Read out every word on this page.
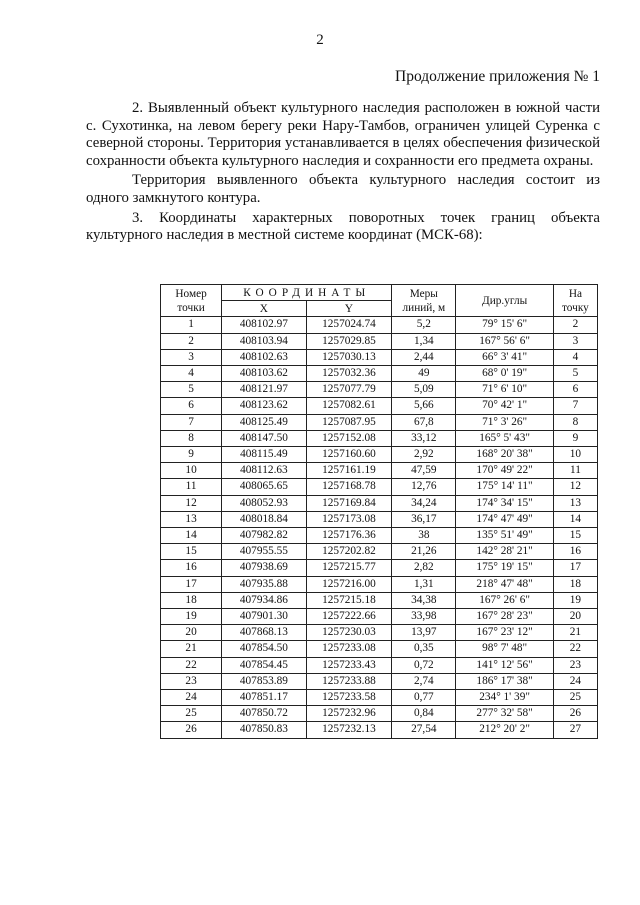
2
Продолжение приложения № 1

2. Выявленный объект культурного наследия расположен в южной части с. Сухотинка, на левом берегу реки Нару-Тамбов, ограничен улицей Суренка с северной стороны. Территория устанавливается в целях обеспечения физической сохранности объекта культурного наследия и сохранности его предмета охраны.

Территория выявленного объекта культурного наследия состоит из одного замкнутого контура.

3. Координаты характерных поворотных точек границ объекта культурного наследия в местной системе координат (МСК-68):

Номер точки	КООРДИНАТЫ		Меры линий, м	Дир.углы	На точку
	X	Y			
1	408102.97	1257024.74	5,2	79° 15' 6"	2
2	408103.94	1257029.85	1,34	167° 56' 6"	3
3	408102.63	1257030.13	2,44	66° 3' 41"	4
4	408103.62	1257032.36	49	68° 0' 19"	5
5	408121.97	1257077.79	5,09	71° 6' 10"	6
6	408123.62	1257082.61	5,66	70° 42' 1"	7
7	408125.49	1257087.95	67,8	71° 3' 26"	8
8	408147.50	1257152.08	33,12	165° 5' 43"	9
9	408115.49	1257160.60	2,92	168° 20' 38"	10
10	408112.63	1257161.19	47,59	170° 49' 22"	11
11	408065.65	1257168.78	12,76	175° 14' 11"	12
12	408052.93	1257169.84	34,24	174° 34' 15"	13
13	408018.84	1257173.08	36,17	174° 47' 49"	14
14	407982.82	1257176.36	38	135° 51' 49"	15
15	407955.55	1257202.82	21,26	142° 28' 21"	16
16	407938.69	1257215.77	2,82	175° 19' 15"	17
17	407935.88	1257216.00	1,31	218° 47' 48"	18
18	407934.86	1257215.18	34,38	167° 26' 6"	19
19	407901.30	1257222.66	33,98	167° 28' 23"	20
20	407868.13	1257230.03	13,97	167° 23' 12"	21
21	407854.50	1257233.08	0,35	98° 7' 48"	22
22	407854.45	1257233.43	0,72	141° 12' 56"	23
23	407853.89	1257233.88	2,74	186° 17' 38"	24
24	407851.17	1257233.58	0,77	234° 1' 39"	25
25	407850.72	1257232.96	0,84	277° 32' 58"	26
26	407850.83	1257232.13	27,54	212° 20' 2"	27
